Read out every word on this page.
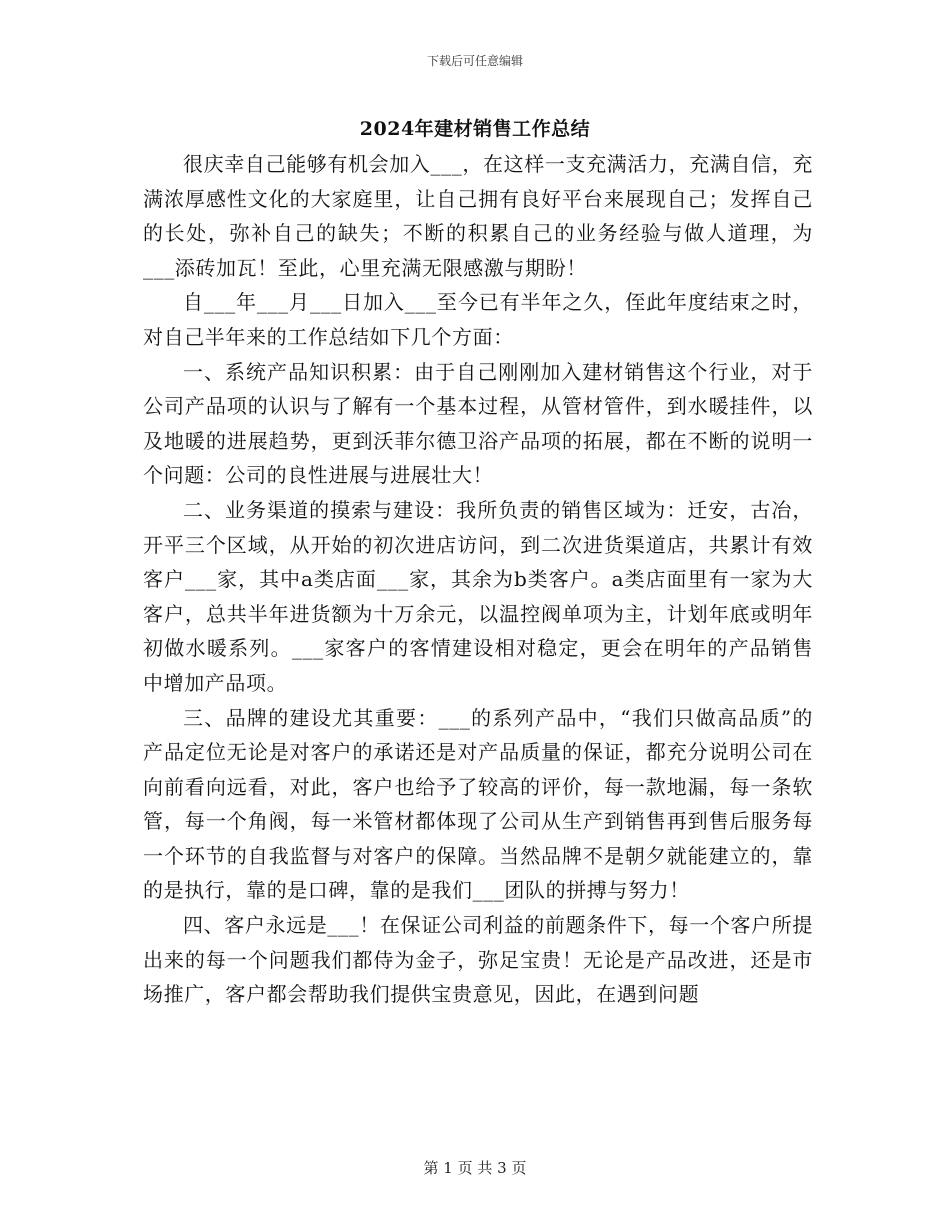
下载后可任意编辑
2024年建材销售工作总结

很庆幸自己能够有机会加入___，在这样一支充满活力，充满自信，充满浓厚感性文化的大家庭里，让自己拥有良好平台来展现自己；发挥自己的长处，弥补自己的缺失；不断的积累自己的业务经验与做人道理，为___添砖加瓦！至此，心里充满无限感激与期盼！

自___年___月___日加入___至今已有半年之久，侄此年度结束之时，对自己半年来的工作总结如下几个方面：

一、系统产品知识积累：由于自己刚刚加入建材销售这个行业，对于公司产品项的认识与了解有一个基本过程，从管材管件，到水暖挂件，以及地暖的进展趋势，更到沃菲尔德卫浴产品项的拓展，都在不断的说明一个问题：公司的良性进展与进展壮大！

二、业务渠道的摸索与建设：我所负责的销售区域为：迁安，古冶，开平三个区域，从开始的初次进店访问，到二次进货渠道店，共累计有效客户___家，其中a类店面___家，其余为b类客户。a类店面里有一家为大客户，总共半年进货额为十万余元，以温控阀单项为主，计划年底或明年初做水暖系列。___家客户的客情建设相对稳定，更会在明年的产品销售中增加产品项。

三、品牌的建设尤其重要：___的系列产品中，“我们只做高品质”的产品定位无论是对客户的承诺还是对产品质量的保证，都充分说明公司在向前看向远看，对此，客户也给予了较高的评价，每一款地漏，每一条软管，每一个角阀，每一米管材都体现了公司从生产到销售再到售后服务每一个环节的自我监督与对客户的保障。当然品牌不是朝夕就能建立的，靠的是执行，靠的是口碑，靠的是我们___团队的拼搏与努力！

四、客户永远是___！在保证公司利益的前题条件下，每一个客户所提出来的每一个问题我们都侍为金子，弥足宝贵！无论是产品改进，还是市场推广，客户都会帮助我们提供宝贵意见，因此，在遇到问题

第 1 页 共 3 页
